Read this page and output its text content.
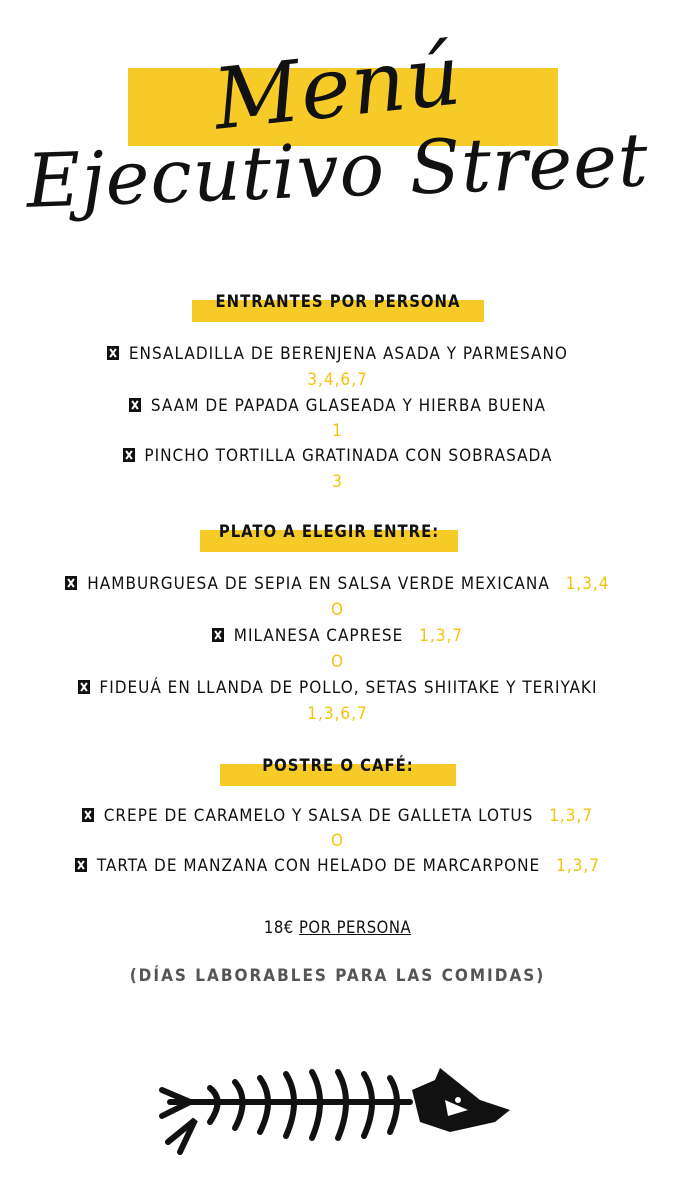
Menú
Ejecutivo Street
ENTRANTES POR PERSONA
ENSALADILLA DE BERENJENA ASADA Y PARMESANO
3,4,6,7
SAAM DE PAPADA GLASEADA Y HIERBA BUENA
1
PINCHO TORTILLA GRATINADA CON SOBRASADA
3
PLATO A ELEGIR ENTRE:
HAMBURGUESA DE SEPIA EN SALSA VERDE MEXICANA 1,3,4
O
MILANESA CAPRESE 1,3,7
O
FIDEUÁ EN LLANDA DE POLLO, SETAS SHIITAKE Y TERIYAKI
1,3,6,7
POSTRE O CAFÉ:
CREPE DE CARAMELO Y SALSA DE GALLETA LOTUS 1,3,7
O
TARTA DE MANZANA CON HELADO DE MARCARPONE 1,3,7
18€ POR PERSONA
(DÍAS LABORABLES PARA LAS COMIDAS)
